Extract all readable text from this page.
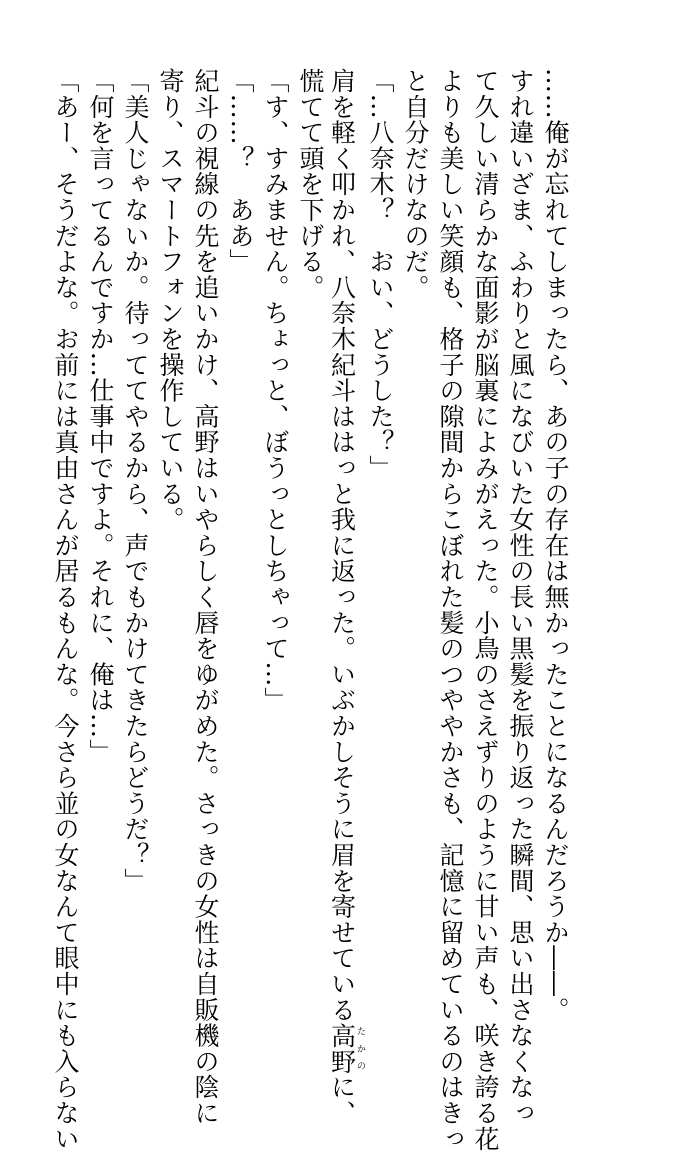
……俺が忘れてしまったら、あの子の存在は無かったことになるんだろうか――。
すれ違いざま、ふわりと風になびいた女性の長い黒髪を振り返った瞬間、思い出さなくなっ
て久しい清らかな面影が脳裏によみがえった。小鳥のさえずりのように甘い声も、咲き誇る花
よりも美しい笑顔も、格子の隙間からこぼれた髪のつややかさも、記憶に留めているのはきっ
と自分だけなのだ。
「…八奈木？　おい、どうした？」
肩を軽く叩かれ、八奈木紀斗ははっと我に返った。いぶかしそうに眉を寄せている高野たかのに、
慌てて頭を下げる。
「す、すみません。ちょっと、ぼうっとしちゃって…」
「……？　ああ」
紀斗の視線の先を追いかけ、高野はいやらしく唇をゆがめた。さっきの女性は自販機の陰に
寄り、スマートフォンを操作している。
「美人じゃないか。待っててやるから、声でもかけてきたらどうだ？」
「何を言ってるんですか…仕事中ですよ。それに、俺は…」
「あー、そうだよな。お前には真由さんが居るもんな。今さら並の女なんて眼中にも入らない
